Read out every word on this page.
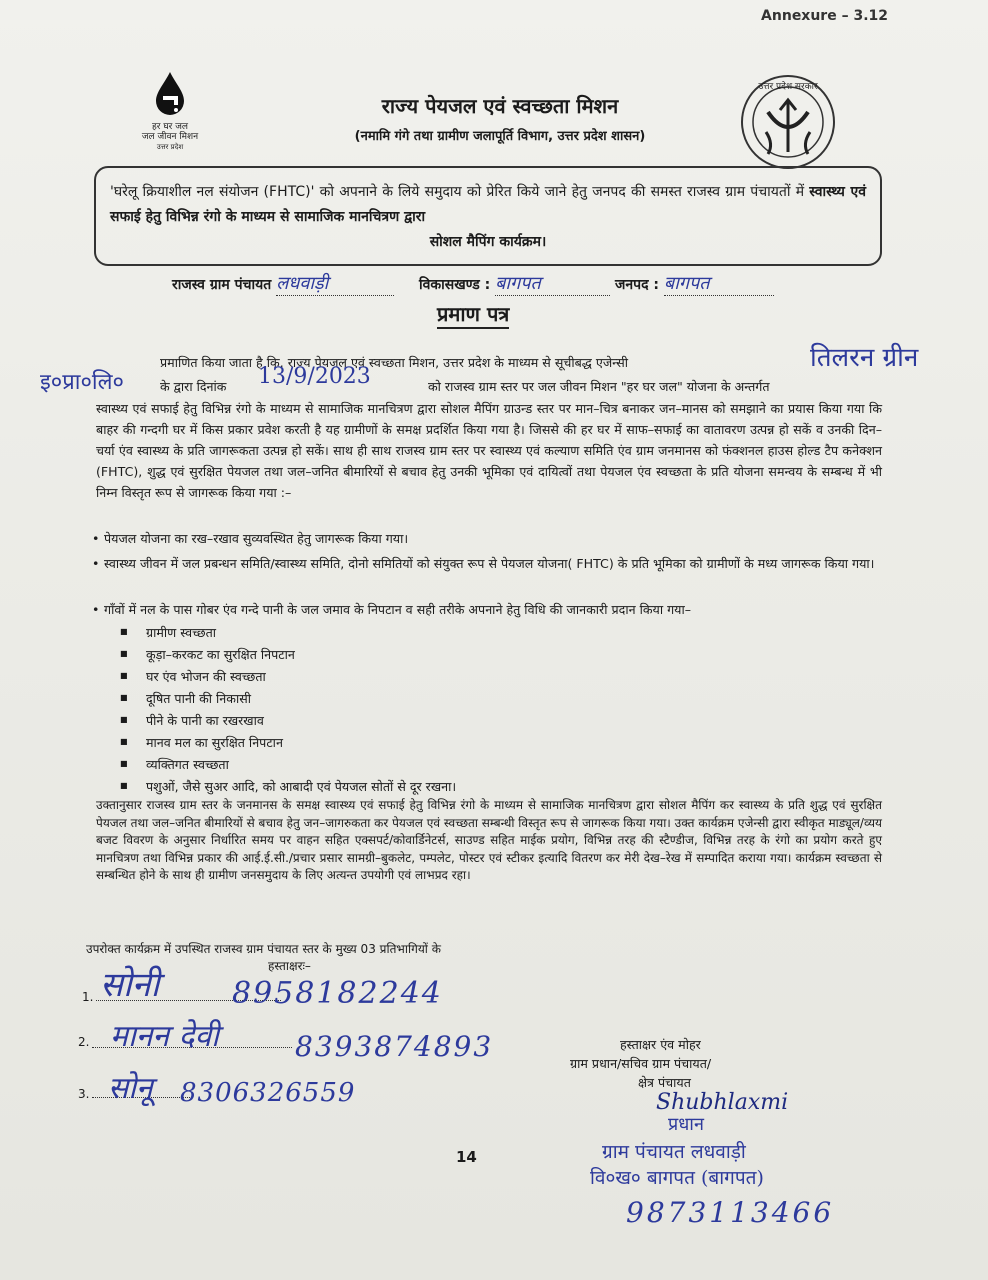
Annexure – 3.12
हर घर जल
जल जीवन मिशन
उत्तर प्रदेश
उत्तर प्रदेश सरकार
राज्य पेयजल एवं स्वच्छता मिशन
(नमामि गंगे तथा ग्रामीण जलापूर्ति विभाग, उत्तर प्रदेश शासन)

'घरेलू क्रियाशील नल संयोजन (FHTC)' को अपनाने के लिये समुदाय को प्रेरित किये जाने हेतु जनपद की समस्त राजस्व ग्राम पंचायतों में स्वास्थ्य एवं सफाई हेतु विभिन्न रंगो के माध्यम से सामाजिक मानचित्रण द्वारा

सोशल मैपिंग कार्यक्रम।

राजस्व ग्राम पंचायत लधवाड़ी	विकासखण्ड : बागपत	जनपद : बागपत
प्रमाण पत्र
प्रमाणित किया जाता है कि, राज्य पेयजल एवं स्वच्छता मिशन, उत्तर प्रदेश के माध्यम से सूचीबद्ध एजेन्सी	तिलरन ग्रीन
इ०प्रा०लि०	के द्वारा दिनांक 13/9/2023	को राजस्व ग्राम स्तर पर जल जीवन मिशन "हर घर जल" योजना के अन्तर्गत
स्वास्थ्य एवं सफाई हेतु विभिन्न रंगो के माध्यम से सामाजिक मानचित्रण द्वारा सोशल मैपिंग ग्राउन्ड स्तर पर मान–चित्र बनाकर जन–मानस को समझाने का प्रयास किया गया कि बाहर की गन्दगी घर में किस प्रकार प्रवेश करती है यह ग्रामीणों के समक्ष प्रदर्शित किया गया है। जिससे की हर घर में साफ–सफाई का वातावरण उत्पन्न हो सकें व उनकी दिन–चर्या एंव स्वास्थ्य के प्रति जागरूकता उत्पन्न हो सकें। साथ ही साथ राजस्व ग्राम स्तर पर स्वास्थ्य एवं कल्याण समिति एंव ग्राम जनमानस को फंक्शनल हाउस होल्ड टैप कनेक्शन (FHTC), शुद्ध एवं सुरक्षित पेयजल तथा जल–जनित बीमारियों से बचाव हेतु उनकी भूमिका एवं दायित्वों तथा पेयजल एंव स्वच्छता के प्रति योजना समन्वय के सम्बन्ध में भी निम्न विस्तृत रूप से जागरूक किया गया :–
• पेयजल योजना का रख–रखाव सुव्यवस्थित हेतु जागरूक किया गया।
• स्वास्थ्य जीवन में जल प्रबन्धन समिति/स्वास्थ्य समिति, दोनो समितियों को संयुक्त रूप से पेयजल योजना( FHTC) के प्रति भूमिका को ग्रामीणों के मध्य जागरूक किया गया।
• गाँवों में नल के पास गोबर एंव गन्दे पानी के जल जमाव के निपटान व सही तरीके अपनाने हेतु विधि की जानकारी प्रदान किया गया–
■ ग्रामीण स्वच्छता
■ कूड़ा–करकट का सुरक्षित निपटान
■ घर एंव भोजन की स्वच्छता
■ दूषित पानी की निकासी
■ पीने के पानी का रखरखाव
■ मानव मल का सुरक्षित निपटान
■ व्यक्तिगत स्वच्छता
■ पशुओं, जैसे सुअर आदि, को आबादी एवं पेयजल सोतों से दूर रखना।
उक्तानुसार राजस्व ग्राम स्तर के जनमानस के समक्ष स्वास्थ्य एवं सफाई हेतु विभिन्न रंगो के माध्यम से सामाजिक मानचित्रण द्वारा सोशल मैपिंग कर स्वास्थ्य के प्रति शुद्ध एवं सुरक्षित पेयजल तथा जल–जनित बीमारियों से बचाव हेतु जन–जागरुकता कर पेयजल एवं स्वच्छता सम्बन्धी विस्तृत रूप से जागरूक किया गया। उक्त कार्यक्रम एजेन्सी द्वारा स्वीकृत माड्यूल/व्यय बजट विवरण के अनुसार निर्धारित समय पर वाहन सहित एक्सपर्ट/कोवार्डिनेटर्स, साउण्ड सहित माईक प्रयोग, विभिन्न तरह की स्टैण्डीज, विभिन्न तरह के रंगो का प्रयोग करते हुए मानचित्रण तथा विभिन्न प्रकार की आई.ई.सी./प्रचार प्रसार सामग्री–बुकलेट, पम्पलेट, पोस्टर एवं स्टीकर इत्यादि वितरण कर मेरी देख–रेख में सम्पादित कराया गया। कार्यक्रम स्वच्छता से सम्बन्धित होने के साथ ही ग्रामीण जनसमुदाय के लिए अत्यन्त उपयोगी एवं लाभप्रद रहा।
उपरोक्त कार्यक्रम में उपस्थित राजस्व ग्राम पंचायत स्तर के मुख्य 03 प्रतिभागियों के
हस्ताक्षरः–
1. सोनी 8958182244
2. मानन देवी	8393874893
3. सोनू 8306326559
हस्ताक्षर एंव मोहर
ग्राम प्रधान/सचिव ग्राम पंचायत/
क्षेत्र पंचायत
Shubhlaxmi
प्रधान
ग्राम पंचायत लधवाड़ी
वि०ख० बागपत (बागपत)
9873113466
14
